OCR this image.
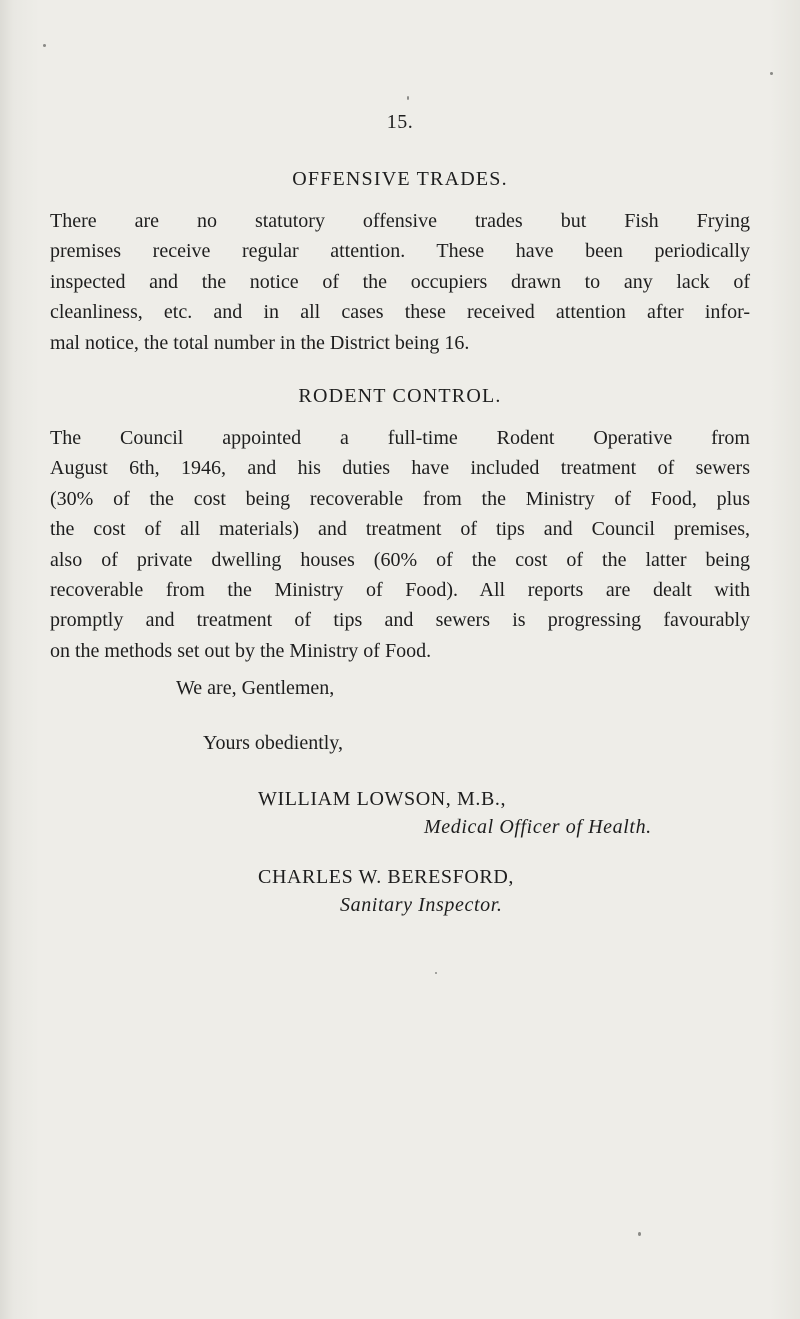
15.
OFFENSIVE TRADES.
There are no statutory offensive trades but Fish Frying
premises receive regular attention. These have been periodically
inspected and the notice of the occupiers drawn to any lack of
cleanliness, etc. and in all cases these received attention after infor-
mal notice, the total number in the District being 16.
RODENT CONTROL.
The Council appointed a full-time Rodent Operative from
August 6th, 1946, and his duties have included treatment of sewers
(30% of the cost being recoverable from the Ministry of Food, plus
the cost of all materials) and treatment of tips and Council premises,
also of private dwelling houses (60% of the cost of the latter being
recoverable from the Ministry of Food). All reports are dealt with
promptly and treatment of tips and sewers is progressing favourably
on the methods set out by the Ministry of Food.
We are, Gentlemen,
Yours obediently,
WILLIAM LOWSON, M.B.,
Medical Officer of Health.
CHARLES W. BERESFORD,
Sanitary Inspector.
